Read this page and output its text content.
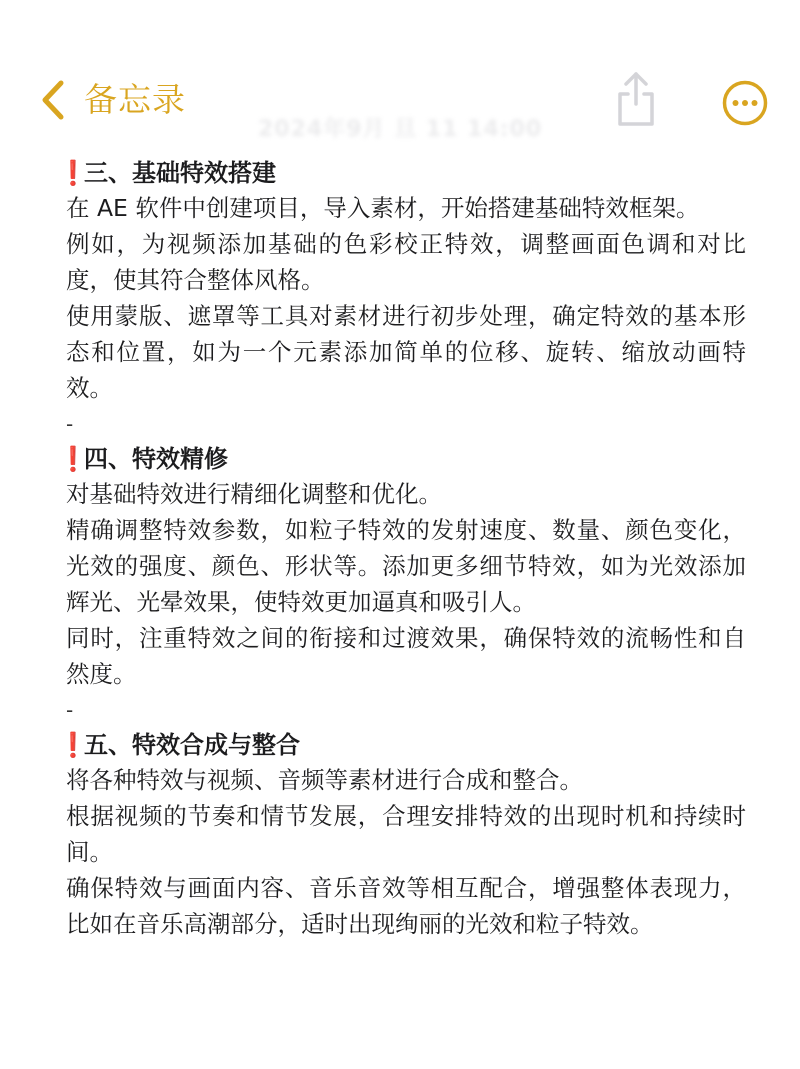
备忘录
2024年9月 旦 11 14:00
❗
三、基础特效搭建

在 AE 软件中创建项目，导入素材，开始搭建基础特效框架。

例如，为视频添加基础的色彩校正特效，调整画面色调和对比度，使其符合整体风格。

使用蒙版、遮罩等工具对素材进行初步处理，确定特效的基本形态和位置，如为一个元素添加简单的位移、旋转、缩放动画特效。

-
❗
四、特效精修

对基础特效进行精细化调整和优化。

精确调整特效参数，如粒子特效的发射速度、数量、颜色变化，光效的强度、颜色、形状等。添加更多细节特效，如为光效添加辉光、光晕效果，使特效更加逼真和吸引人。

同时，注重特效之间的衔接和过渡效果，确保特效的流畅性和自然度。

-
❗
五、特效合成与整合

将各种特效与视频、音频等素材进行合成和整合。

根据视频的节奏和情节发展，合理安排特效的出现时机和持续时间。

确保特效与画面内容、音乐音效等相互配合，增强整体表现力，比如在音乐高潮部分，适时出现绚丽的光效和粒子特效。
